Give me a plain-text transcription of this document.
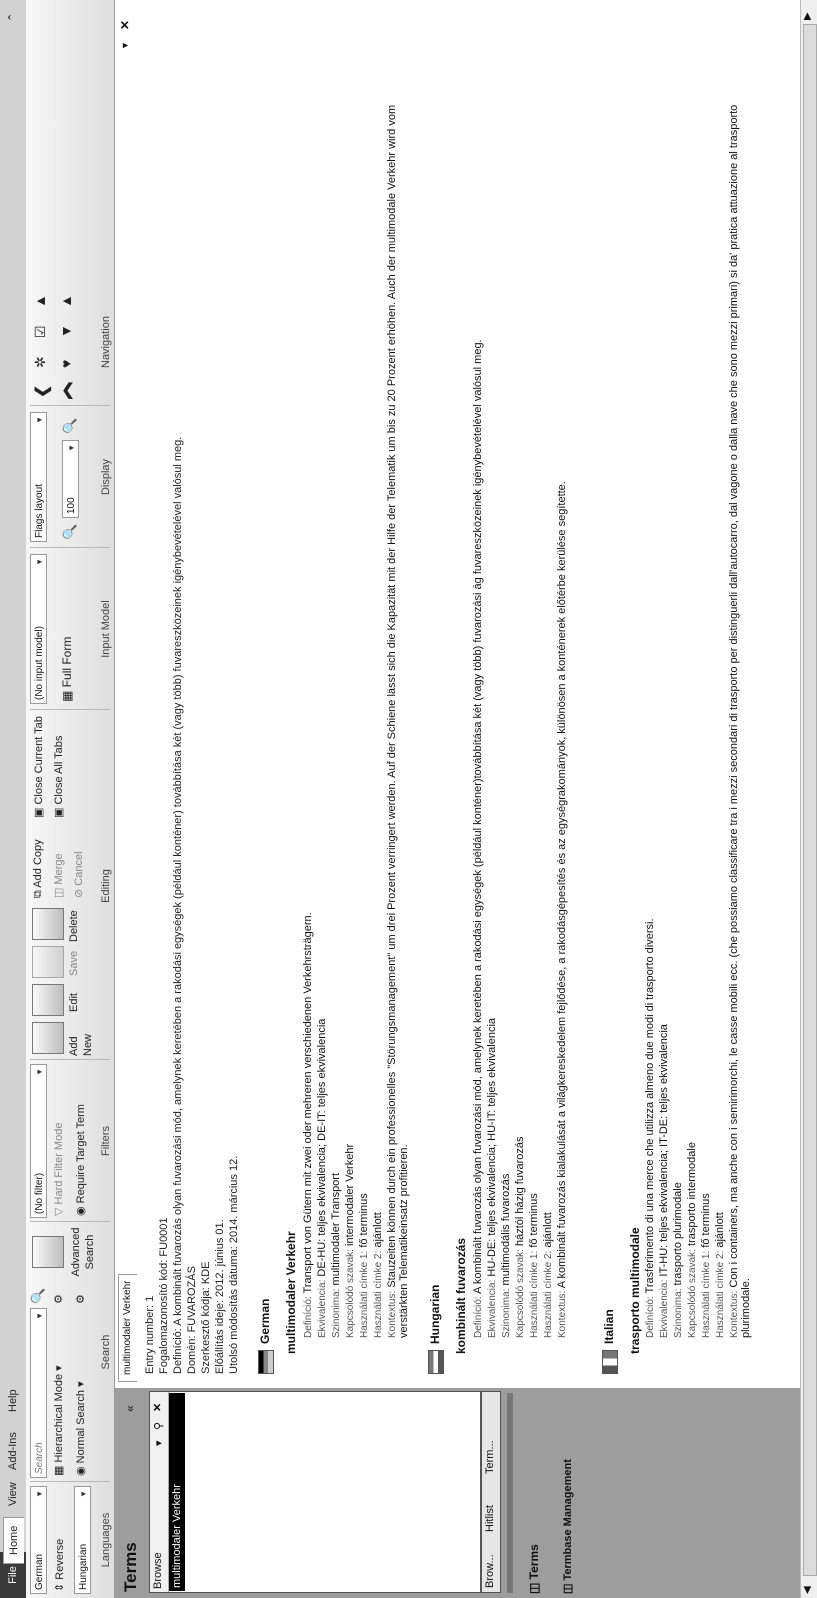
File
Home
View
Add-Ins
Help
⌃
German
▼
⇕ Reverse	Hungarian
▼
Languages
Search
▼
🔍
▦ Hierarchical Mode ▾
◉ Normal Search ▾
⚙ ⚙
Advanced Search
Search
(No filter)
▼
▽ Hard Filter Mode
◉ Require Target Term Filters
Add New
Edit
Save
Delete
⧉ Add Copy
◫ Merge
⊘ Cancel
▣ Close Current Tab
▣ Close All Tabs
Editing
(No input model)
▼
▦ Full Form
Input Model
Flags layout
▼
🔍
100
▼
🔍
Display
❮ ❯
✲ ♥
☑ ▼
▲ ▲
Navigation
Terms
«
Browse
▾
⚲
✕
multimodaler Verkehr	Brow...
Hitlist
Term...
◫ Terms
◫ Termbase Management
multimodaler Verkehr	Entry number: 1 Fogalomazonosító kód: FU0001 Definíció: A kombinált fuvarozás olyan fuvarozási mód, amelynek keretében a rakodási egységek (például konténer) továbbítása két (vagy több) fuvareszközeinek igénybevételével valósul meg. Domén: FUVAROZÁS Szerkesztő kódja: KDE Előállítás ideje: 2012. június 01. Utolsó módosítás dátuma: 2014. március 12. German multimodaler Verkehr Definíció: Transport von Gütern mit zwei oder mehreren verschiedenen Verkehrsträgern.
Ekvivalencia: DE-HU: teljes ekvivalencia; DE-IT: teljes ekvivalencia
Szinonima: multimodaler Transport
Kapcsolódó szavak: intermodaler Verkehr
Használati címke 1: fő terminus
Használati címke 2: ajánlott
Kontextus: Stauzeiten können durch ein professionelles "Störungsmanagement" um drei Prozent verringert werden. Auf der Schiene lässt sich die Kapazität mit der Hilfe der Telematik um bis zu 20 Prozent erhöhen. Auch der multimodale Verkehr wird vom verstärkten Telematikeinsatz profitieren. Hungarian kombinált fuvarozás Definíció: A kombinált fuvarozás olyan fuvarozási mód, amelynek keretében a rakodási egységek (például konténer)továbbítása két (vagy több) fuvarozási ág fuvareszközeinek igénybevételével valósul meg.
Ekvivalencia: HU-DE: teljes ekvivalencia; HU-IT: teljes ekvivalencia
Szinonima: multimodális fuvarozás
Kapcsolódó szavak: háztól házig fuvarozás
Használati címke 1: fő terminus
Használati címke 2: ajánlott
Kontextus: A kombinált fuvarozás kialakulását a világkereskedelem fejlődése, a rakodásgépesítés és az egységrakományok, különösen a konténerek előtérbe kerülése segítette.
Italian trasporto multimodale Definíció: Trasferimento di una merce che utilizza almeno due modi di trasporto diversi.
Ekvivalencia: IT-HU: teljes ekvivalencia; IT-DE: teljes ekvivalencia
Szinonima: trasporto plurimodale
Kapcsolódó szavak: trasporto intermodale
Használati címke 1: fő terminus
Használati címke 2: ajánlott
Kontextus: Con i containers, ma anche con i semirimorchi, le casse mobili ecc. (che possiamo classificare tra i mezzi secondari di trasporto per distinguerli dall'autocarro, dal vagone o dalla nave che sono mezzi primari) si da' pratica attuazione al trasporto plurimodale.
◀
▶
✕
▼
